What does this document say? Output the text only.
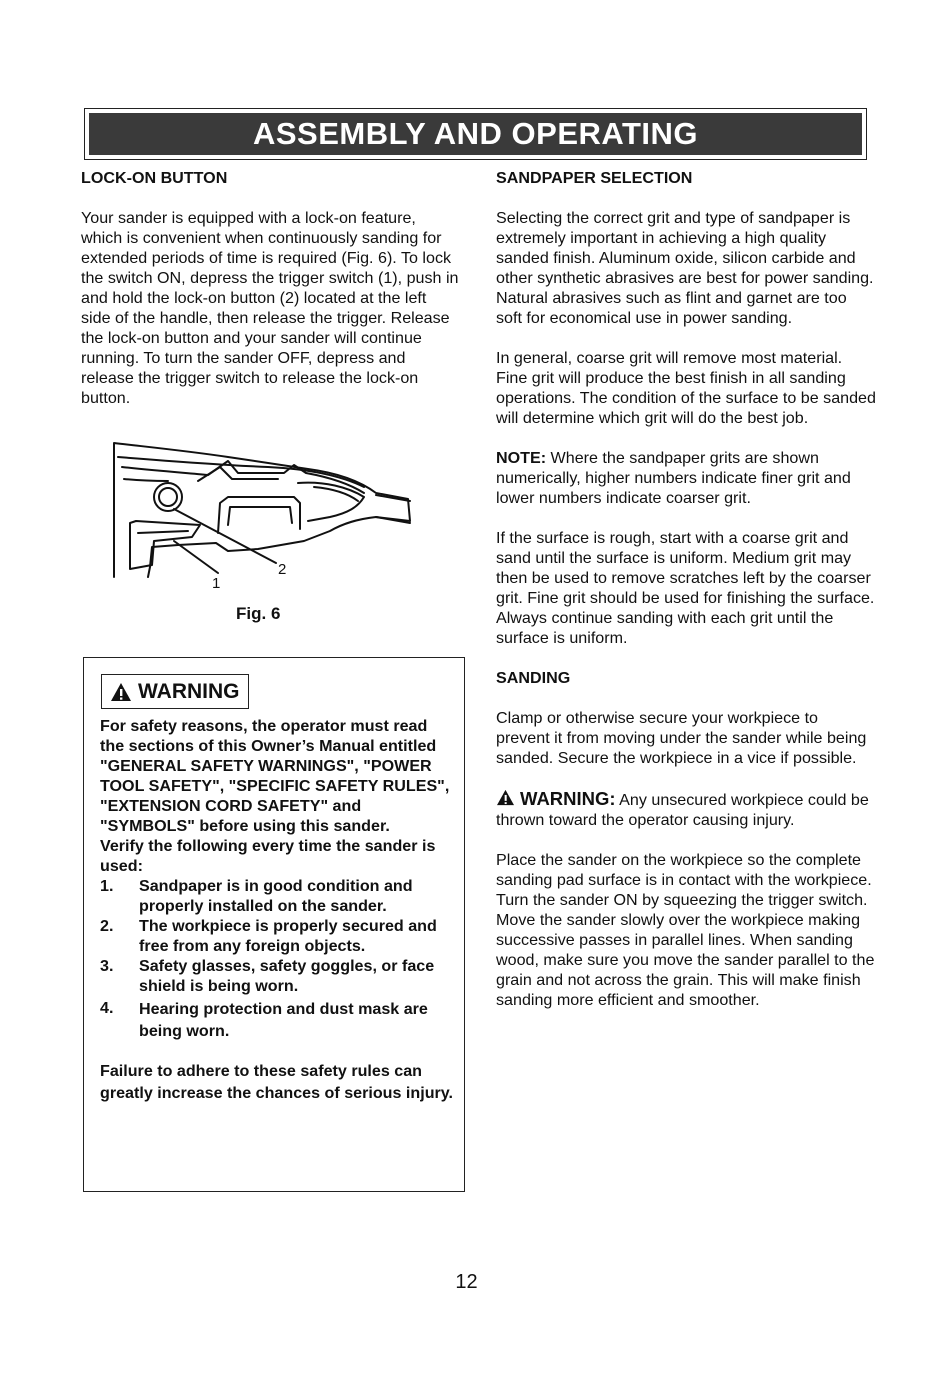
ASSEMBLY AND OPERATING

LOCK-ON BUTTON

Your sander is equipped with a lock-on feature, which is convenient when continuously sanding for extended periods of time is required (Fig. 6). To lock the switch ON, depress the trigger switch (1), push in and hold the lock-on button (2) located at the left side of the handle, then release the trigger. Release the lock-on button and your sander will continue running. To turn the sander OFF, depress and release the trigger switch to release the lock-on button.

1
2
Fig. 6
WARNING

For safety reasons, the operator must read the sections of this Owner’s Manual entitled "GENERAL SAFETY WARNINGS", "POWER TOOL SAFETY", "SPECIFIC SAFETY RULES", "EXTENSION CORD SAFETY" and "SYMBOLS" before using this sander.

Verify the following every time the sander is used:

1.	Sandpaper is in good condition and properly installed on the sander.
2.	The workpiece is properly secured and free from any foreign objects.
3.	Safety glasses, safety goggles, or face shield is being worn.
4.	Hearing protection and dust mask are being worn.

Failure to adhere to these safety rules can greatly increase the chances of serious injury.

SANDPAPER SELECTION

Selecting the correct grit and type of sandpaper is extremely important in achieving a high quality sanded finish. Aluminum oxide, silicon carbide and other synthetic abrasives are best for power sanding. Natural abrasives such as flint and garnet are too soft for economical use in power sanding.

In general, coarse grit will remove most material. Fine grit will produce the best finish in all sanding operations. The condition of the surface to be sanded will determine which grit will do the best job.

NOTE: Where the sandpaper grits are shown numerically, higher numbers indicate finer grit and lower numbers indicate coarser grit.

If the surface is rough, start with a coarse grit and sand until the surface is uniform. Medium grit may then be used to remove scratches left by the coarser grit. Fine grit should be used for finishing the surface. Always continue sanding with each grit until the surface is uniform.

SANDING

Clamp or otherwise secure your workpiece to prevent it from moving under the sander while being sanded. Secure the workpiece in a vice if possible.

WARNING: Any unsecured workpiece could be thrown toward the operator causing injury.

Place the sander on the workpiece so the complete sanding pad surface is in contact with the workpiece. Turn the sander ON by squeezing the trigger switch. Move the sander slowly over the workpiece making successive passes in parallel lines. When sanding wood, make sure you move the sander parallel to the grain and not across the grain. This will make finish sanding more efficient and smoother.

12
